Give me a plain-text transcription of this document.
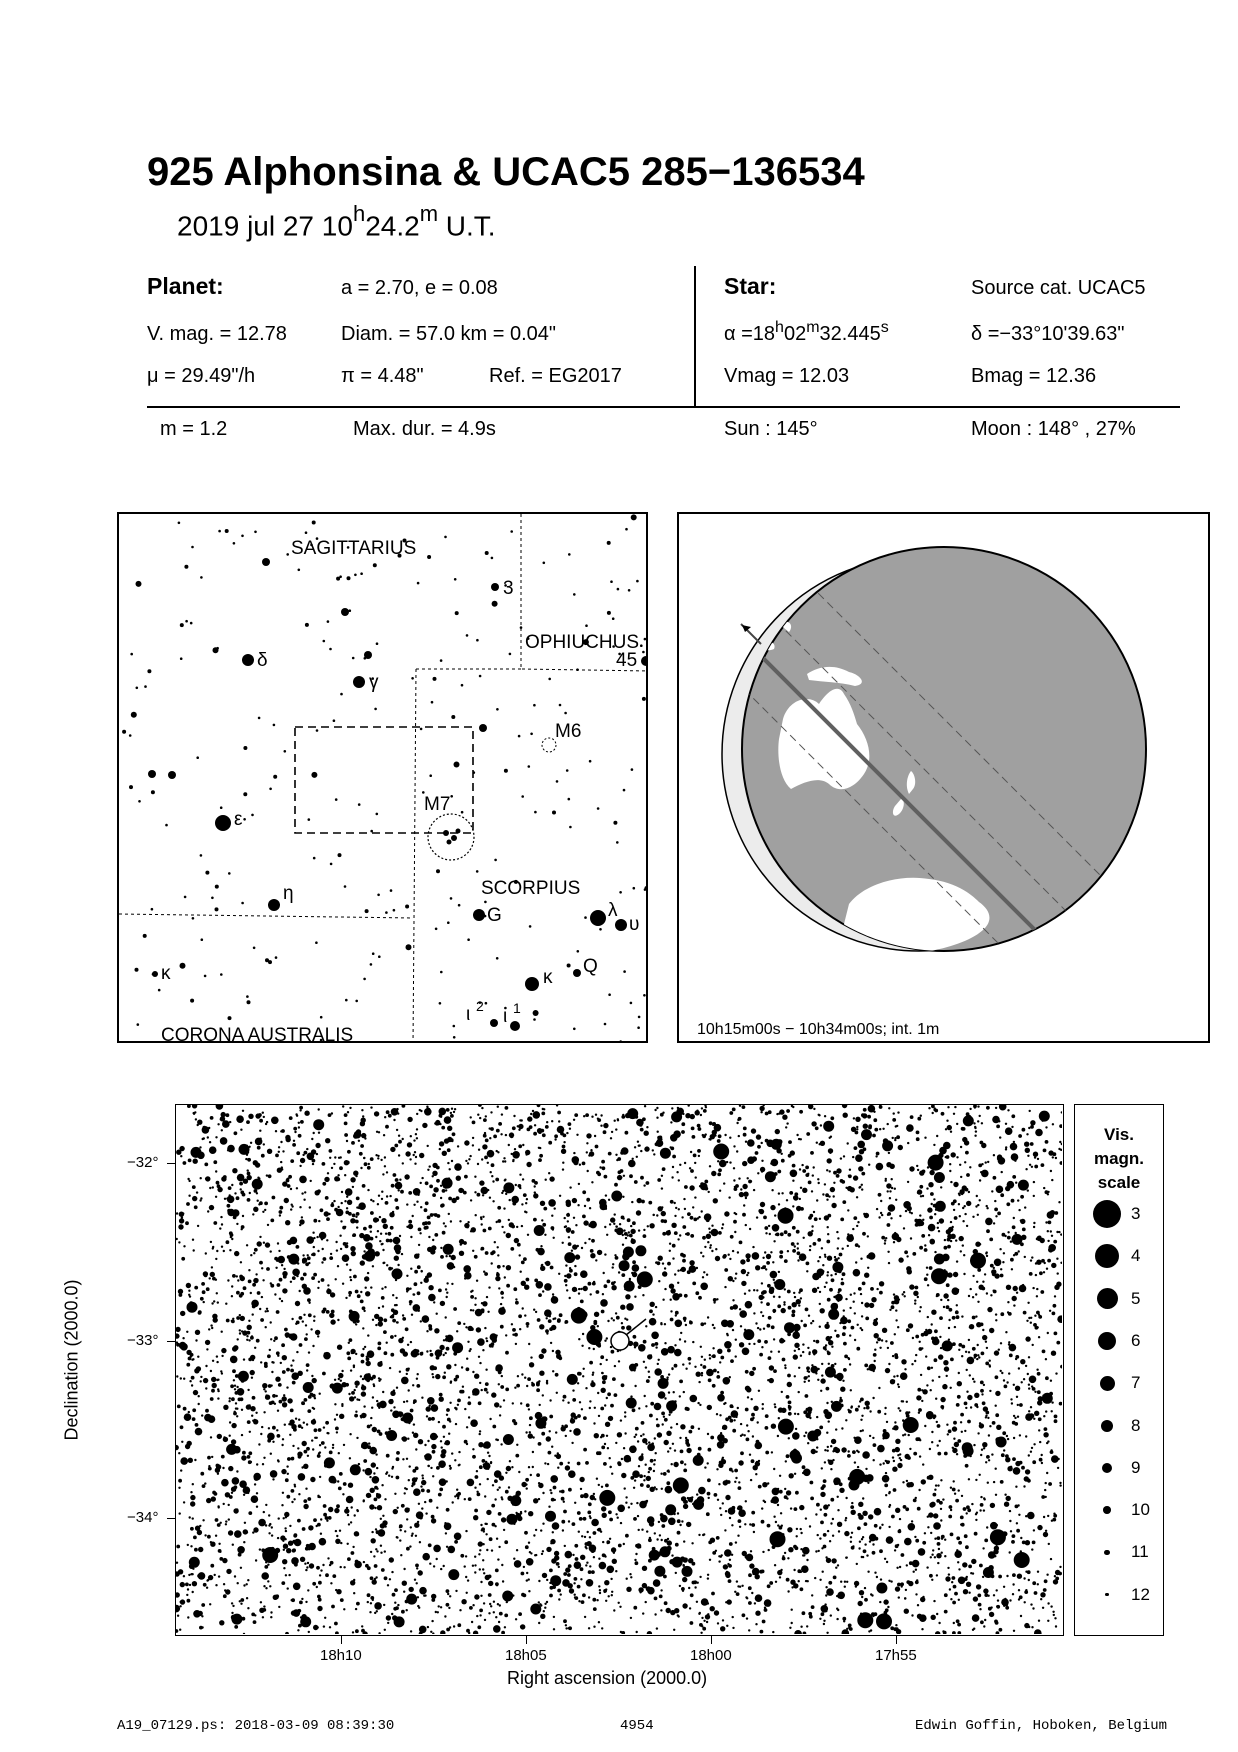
925 Alphonsina & UCAC5 285−136534
2019 jul 27 10$^h$24.2$^m$ U.T.
Planet:	a = 2.70, e = 0.08
V. mag. = 12.78	Diam. = 57.0 km = 0.04"
μ = 29.49"/h	π = 4.48"	Ref. = EG2017
Star:	Source cat. UCAC5
$\alpha =18^h02^m32.445^s$	δ =−33°10'39.63"
Vmag = 12.03	Bmag = 12.36
m = 1.2	Max. dur. = 4.9s	Sun : 145°	Moon : 148° , 27%
SAGITTARIUS
OPHIUCHUS
SCORPIUS
CORONA AUSTRALIS
M6
M7
δ
γ
ε
η
κ
λ
υ
G
Q
κ
ι 2 ι 1
3
45
10h15m00s − 10h34m00s; int. 1m
Declination (2000.0)
Right ascension (2000.0)
−32°
−33°
−34°
18h10	18h05	18h00	17h55
Vis.
magn.
scale
3
4
5
6
7
8
9
10
11
12
A19_07129.ps: 2018-03-09 08:39:30	4954	Edwin Goffin, Hoboken, Belgium
